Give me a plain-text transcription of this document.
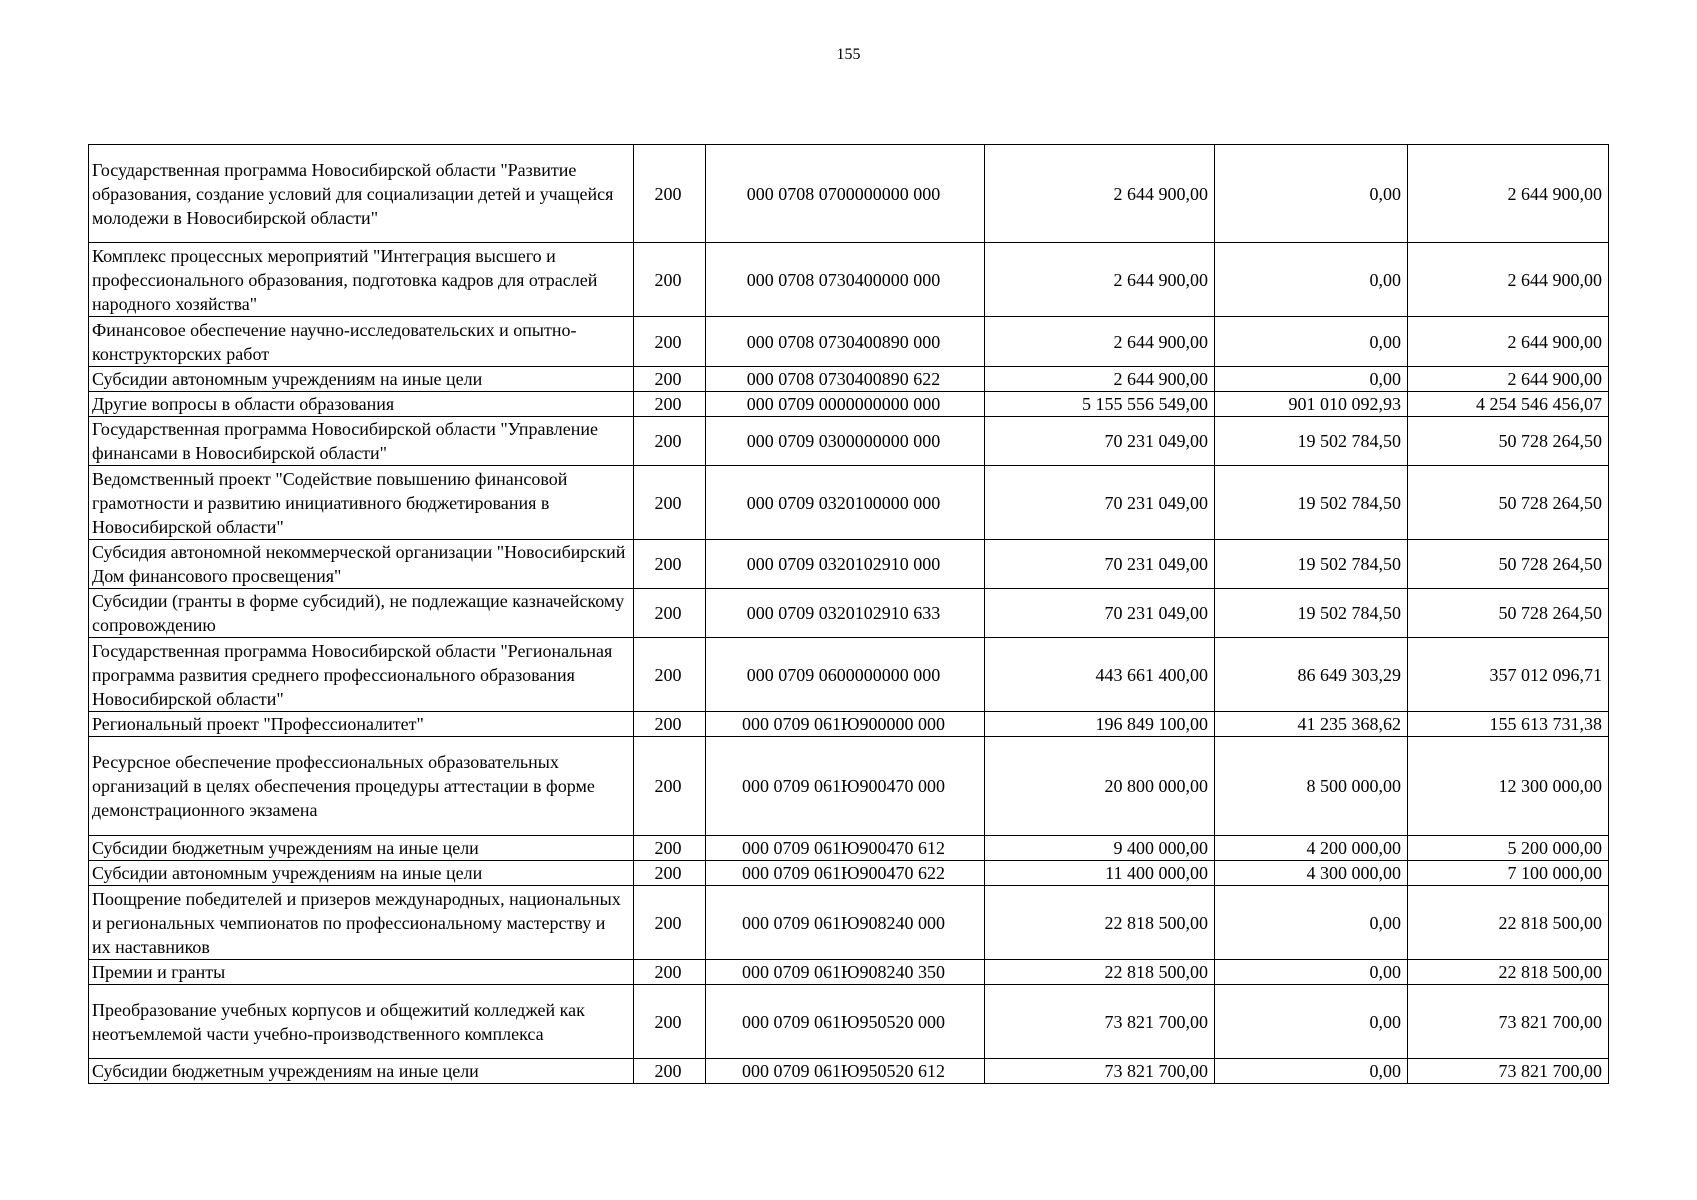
155
Государственная программа Новосибирской области "Развитие образования, создание условий для социализации детей и учащейся молодежи в Новосибирской области"	200	000 0708 0700000000 000	2 644 900,00	0,00	2 644 900,00
Комплекс процессных мероприятий "Интеграция высшего и профессионального образования, подготовка кадров для отраслей народного хозяйства"	200	000 0708 0730400000 000	2 644 900,00	0,00	2 644 900,00
Финансовое обеспечение научно-исследовательских и опытно-конструкторских работ	200	000 0708 0730400890 000	2 644 900,00	0,00	2 644 900,00
Субсидии автономным учреждениям на иные цели	200	000 0708 0730400890 622	2 644 900,00	0,00	2 644 900,00
Другие вопросы в области образования	200	000 0709 0000000000 000	5 155 556 549,00	901 010 092,93	4 254 546 456,07
Государственная программа Новосибирской области "Управление финансами в Новосибирской области"	200	000 0709 0300000000 000	70 231 049,00	19 502 784,50	50 728 264,50
Ведомственный проект "Содействие повышению финансовой грамотности и развитию инициативного бюджетирования в Новосибирской области"	200	000 0709 0320100000 000	70 231 049,00	19 502 784,50	50 728 264,50
Субсидия автономной некоммерческой организации "Новосибирский Дом финансового просвещения"	200	000 0709 0320102910 000	70 231 049,00	19 502 784,50	50 728 264,50
Субсидии (гранты в форме субсидий), не подлежащие казначейскому сопровождению	200	000 0709 0320102910 633	70 231 049,00	19 502 784,50	50 728 264,50
Государственная программа Новосибирской области "Региональная программа развития среднего профессионального образования Новосибирской области"	200	000 0709 0600000000 000	443 661 400,00	86 649 303,29	357 012 096,71
Региональный проект "Профессионалитет"	200	000 0709 061Ю900000 000	196 849 100,00	41 235 368,62	155 613 731,38
Ресурсное обеспечение профессиональных образовательных организаций в целях обеспечения процедуры аттестации в форме демонстрационного экзамена	200	000 0709 061Ю900470 000	20 800 000,00	8 500 000,00	12 300 000,00
Субсидии бюджетным учреждениям на иные цели	200	000 0709 061Ю900470 612	9 400 000,00	4 200 000,00	5 200 000,00
Субсидии автономным учреждениям на иные цели	200	000 0709 061Ю900470 622	11 400 000,00	4 300 000,00	7 100 000,00
Поощрение победителей и призеров международных, национальных и региональных чемпионатов по профессиональному мастерству и их наставников	200	000 0709 061Ю908240 000	22 818 500,00	0,00	22 818 500,00
Премии и гранты	200	000 0709 061Ю908240 350	22 818 500,00	0,00	22 818 500,00
Преобразование учебных корпусов и общежитий колледжей как неотъемлемой части учебно-производственного комплекса	200	000 0709 061Ю950520 000	73 821 700,00	0,00	73 821 700,00
Субсидии бюджетным учреждениям на иные цели	200	000 0709 061Ю950520 612	73 821 700,00	0,00	73 821 700,00
